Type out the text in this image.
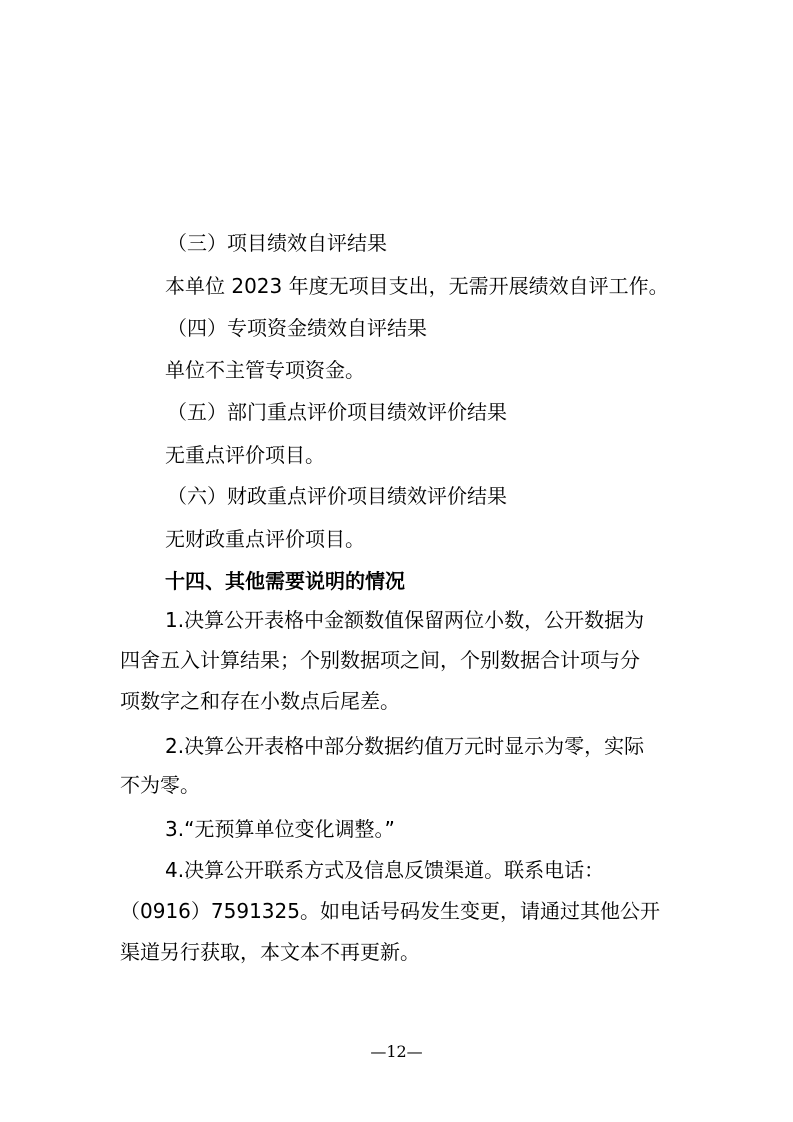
（三）项目绩效自评结果
本单位 2023 年度无项目支出，无需开展绩效自评工作。
（四）专项资金绩效自评结果
单位不主管专项资金。
（五）部门重点评价项目绩效评价结果
无重点评价项目。
（六）财政重点评价项目绩效评价结果
无财政重点评价项目。
十四、其他需要说明的情况
1.决算公开表格中金额数值保留两位小数，公开数据为
四舍五入计算结果；个别数据项之间，个别数据合计项与分
项数字之和存在小数点后尾差。
2.决算公开表格中部分数据约值万元时显示为零，实际
不为零。
3.“无预算单位变化调整。”
4.决算公开联系方式及信息反馈渠道。联系电话：
（0916）7591325。如电话号码发生变更，请通过其他公开
渠道另行获取，本文本不再更新。
—12—
